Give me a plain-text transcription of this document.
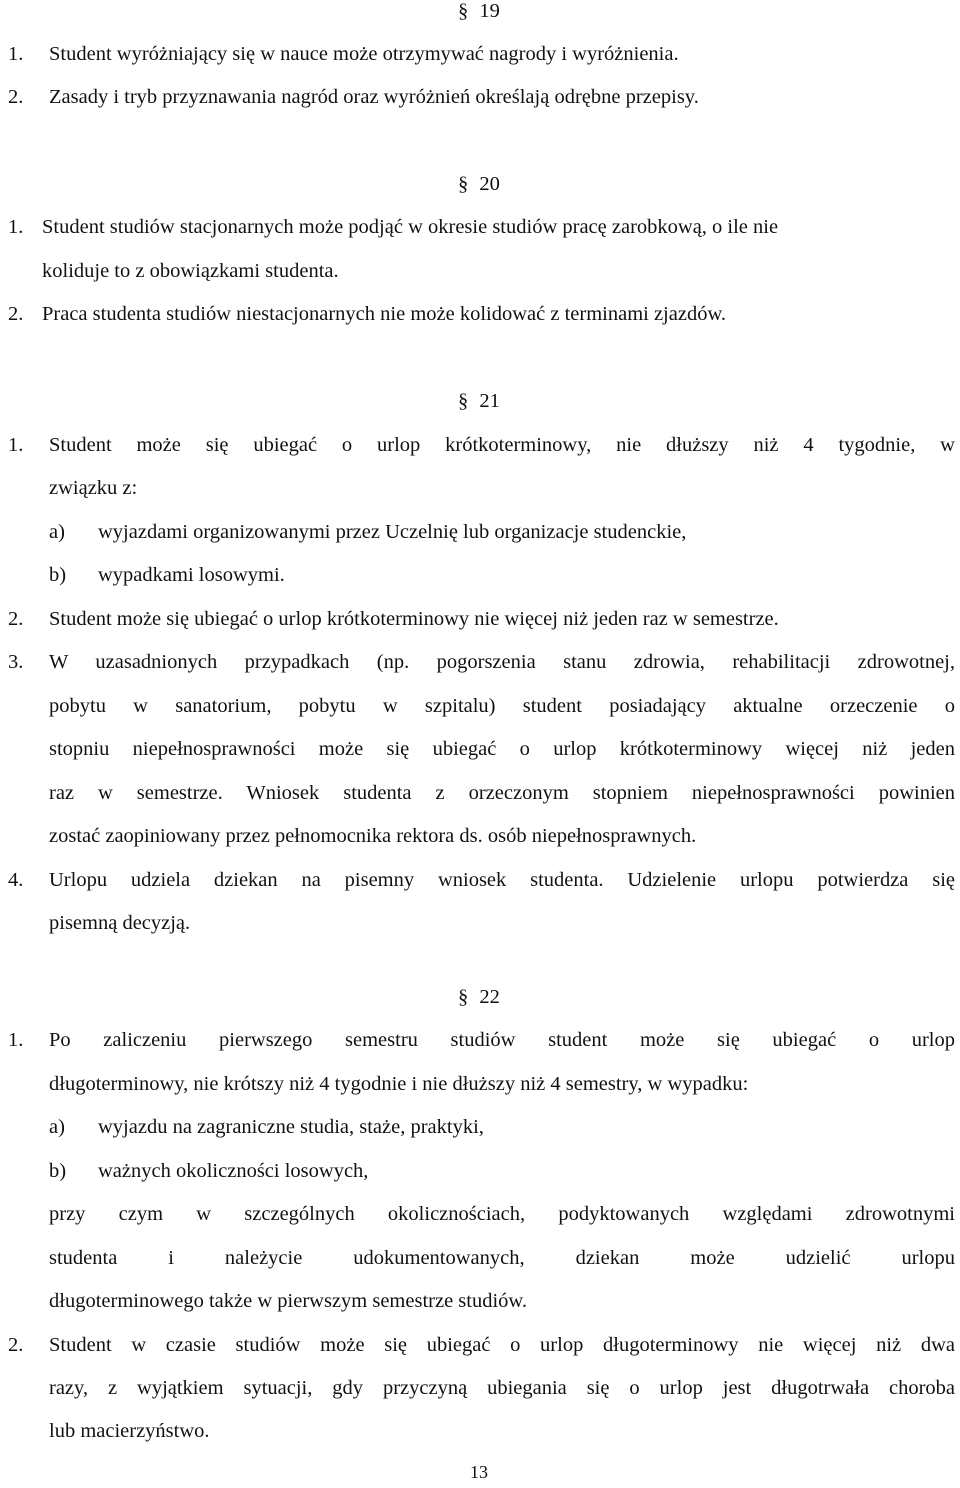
§ 19
1. Student wyróżniający się w nauce może otrzymywać nagrody i wyróżnienia.
2. Zasady i tryb przyznawania nagród oraz wyróżnień określają odrębne przepisy.
§ 20
1. Student studiów stacjonarnych może podjąć w okresie studiów pracę zarobkową, o ile nie
koliduje to z obowiązkami studenta.
2. Praca studenta studiów niestacjonarnych nie może kolidować z terminami zjazdów.
§ 21
1. Student może się ubiegać o urlop krótkoterminowy, nie dłuższy niż 4 tygodnie, w
związku z:
a) wyjazdami organizowanymi przez Uczelnię lub organizacje studenckie,
b) wypadkami losowymi.
2. Student może się ubiegać o urlop krótkoterminowy nie więcej niż jeden raz w semestrze.
3. W uzasadnionych przypadkach (np. pogorszenia stanu zdrowia, rehabilitacji zdrowotnej,
pobytu w sanatorium, pobytu w szpitalu) student posiadający aktualne orzeczenie o
stopniu niepełnosprawności może się ubiegać o urlop krótkoterminowy więcej niż jeden
raz w semestrze. Wniosek studenta z orzeczonym stopniem niepełnosprawności powinien
zostać zaopiniowany przez pełnomocnika rektora ds. osób niepełnosprawnych.
4. Urlopu udziela dziekan na pisemny wniosek studenta. Udzielenie urlopu potwierdza się
pisemną decyzją.
§ 22
1. Po zaliczeniu pierwszego semestru studiów student może się ubiegać o urlop
długoterminowy, nie krótszy niż 4 tygodnie i nie dłuższy niż 4 semestry, w wypadku:
a) wyjazdu na zagraniczne studia, staże, praktyki,
b) ważnych okoliczności losowych,
przy czym w szczególnych okolicznościach, podyktowanych względami zdrowotnymi
studenta i należycie udokumentowanych, dziekan może udzielić urlopu
długoterminowego także w pierwszym semestrze studiów.
2. Student w czasie studiów może się ubiegać o urlop długoterminowy nie więcej niż dwa
razy, z wyjątkiem sytuacji, gdy przyczyną ubiegania się o urlop jest długotrwała choroba
lub macierzyństwo.
13
